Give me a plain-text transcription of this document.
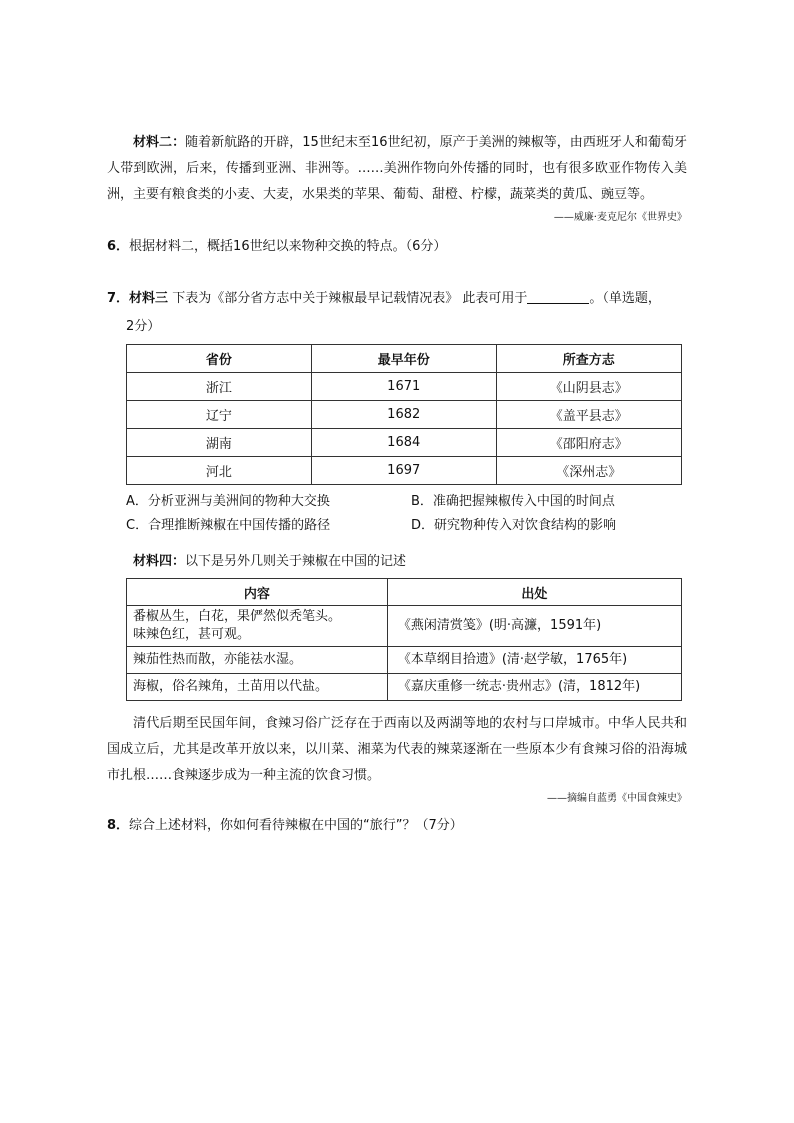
材料二：随着新航路的开辟，15世纪末至16世纪初，原产于美洲的辣椒等，由西班牙人和葡萄牙人带到欧洲，后来，传播到亚洲、非洲等。……美洲作物向外传播的同时，也有很多欧亚作物传入美洲，主要有粮食类的小麦、大麦，水果类的苹果、葡萄、甜橙、柠檬，蔬菜类的黄瓜、豌豆等。

——威廉·麦克尼尔《世界史》

6．根据材料二，概括16世纪以来物种交换的特点。（6分）

7．材料三 下表为《部分省方志中关于辣椒最早记载情况表》 此表可用于	。（单选题，

2分）

省份	最早年份	所查方志
浙江	1671	《山阴县志》
辽宁	1682	《盖平县志》
湖南	1684	《邵阳府志》
河北	1697	《深州志》
A．分析亚洲与美洲间的物种大交换	B．准确把握辣椒传入中国的时间点
C．合理推断辣椒在中国传播的路径	D．研究物种传入对饮食结构的影响

材料四：以下是另外几则关于辣椒在中国的记述

内容	出处

番椒丛生，白花，果俨然似秃笔头。
味辣色红，甚可观。	《燕闲清赏笺》(明·高濂，1591年)
辣茄性热而散，亦能祛水湿。	《本草纲目拾遗》(清·赵学敏，1765年)
海椒，俗名辣角，土苗用以代盐。	《嘉庆重修一统志·贵州志》(清，1812年)

清代后期至民国年间，食辣习俗广泛存在于西南以及两湖等地的农村与口岸城市。中华人民共和国成立后，尤其是改革开放以来，以川菜、湘菜为代表的辣菜逐渐在一些原本少有食辣习俗的沿海城市扎根……食辣逐步成为一种主流的饮食习惯。

——摘编自蓝勇《中国食辣史》

8．综合上述材料，你如何看待辣椒在中国的“旅行”？（7分）
